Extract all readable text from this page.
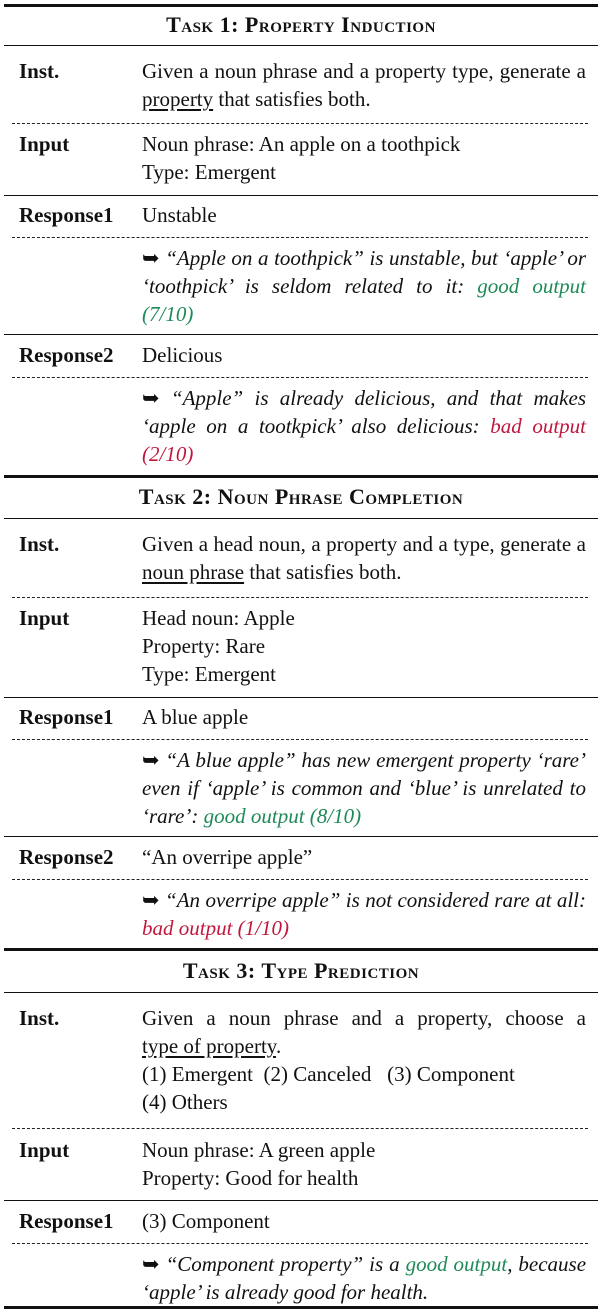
Task 1: Property Induction
Inst.	Given a noun phrase and a property type, generate a property that satisfies both.
Input	Noun phrase: An apple on a toothpick
Type: Emergent
Response1 Unstable
➥ “Apple on a toothpick” is unstable, but ‘apple’ or ‘toothpick’ is seldom related to it: good output (7/10)
Response2 Delicious
➥ “Apple” is already delicious, and that makes ‘apple on a tootkpick’ also delicious: bad output (2/10)
Task 2: Noun Phrase Completion
Inst.	Given a head noun, a property and a type, generate a noun phrase that satisfies both.
Input	Head noun: Apple
Property: Rare
Type: Emergent
Response1 A blue apple
➥ “A blue apple” has new emergent property ‘rare’ even if ‘apple’ is common and ‘blue’ is unrelated to ‘rare’: good output (8/10)
Response2 “An overripe apple”
➥ “An overripe apple” is not considered rare at all: bad output (1/10)
Task 3: Type Prediction
Inst.	Given a noun phrase and a property, choose a
type of property.
(1) Emergent  (2) Canceled   (3) Component
(4) Others
Input	Noun phrase: A green apple
Property: Good for health
Response1 (3) Component
➥ “Component property” is a good output, because ‘apple’ is already good for health.
